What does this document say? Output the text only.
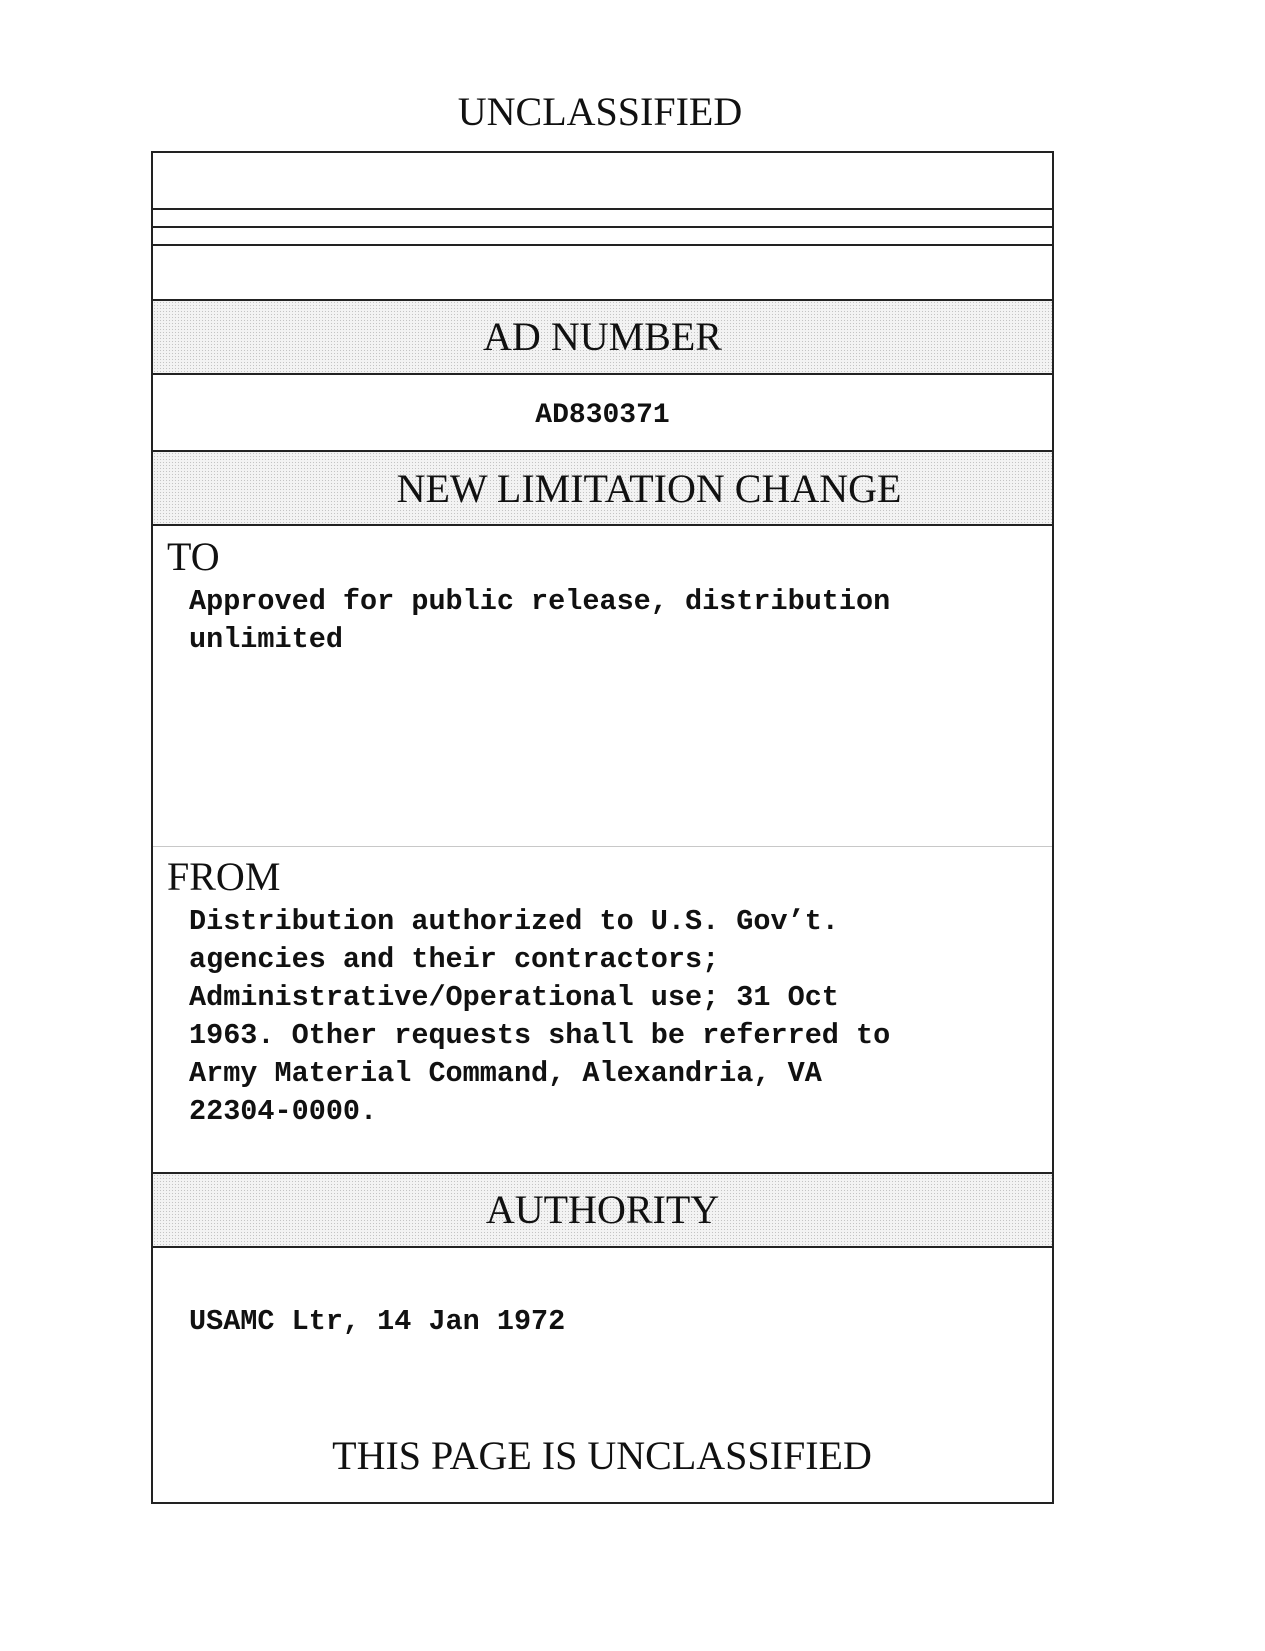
UNCLASSIFIED
AD NUMBER
AD830371
NEW LIMITATION CHANGE
TO
Approved for public release, distribution
unlimited
FROM
Distribution authorized to U.S. Gov’t.
agencies and their contractors;
Administrative/Operational use; 31 Oct
1963. Other requests shall be referred to
Army Material Command, Alexandria, VA
22304-0000.
AUTHORITY
USAMC Ltr, 14 Jan 1972
THIS PAGE IS UNCLASSIFIED
